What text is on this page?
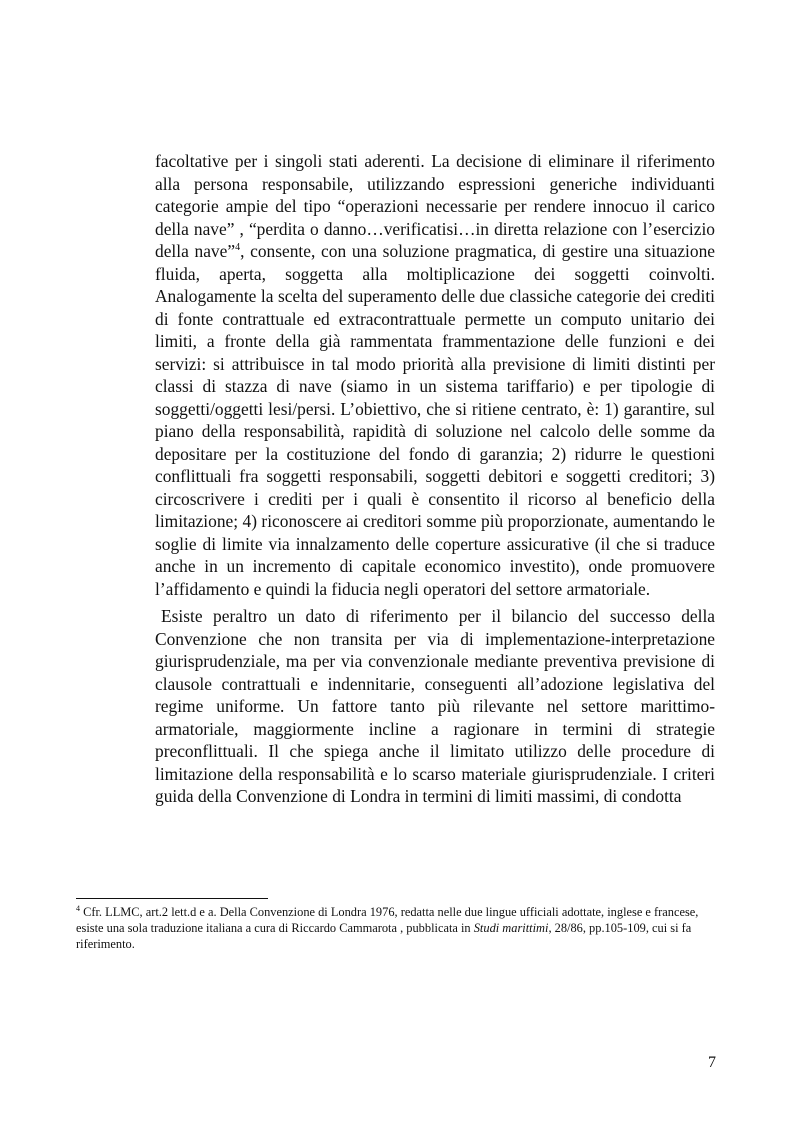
facoltative per i singoli stati aderenti. La decisione di eliminare il riferimento alla persona responsabile, utilizzando espressioni generiche individuanti categorie ampie del tipo “operazioni necessarie per rendere innocuo il carico della nave” , “perdita o danno…verificatisi…in diretta relazione con l’esercizio della nave”$^4$, consente, con una soluzione pragmatica, di gestire una situazione fluida, aperta, soggetta alla moltiplicazione dei soggetti coinvolti. Analogamente la scelta del superamento delle due classiche categorie dei crediti di fonte contrattuale ed extracontrattuale permette un computo unitario dei limiti, a fronte della già rammentata frammentazione delle funzioni e dei servizi: si attribuisce in tal modo priorità alla previsione di limiti distinti per classi di stazza di nave (siamo in un sistema tariffario) e per tipologie di soggetti/oggetti lesi/persi. L’obiettivo, che si ritiene centrato, è: 1) garantire, sul piano della responsabilità, rapidità di soluzione nel calcolo delle somme da depositare per la costituzione del fondo di garanzia; 2) ridurre le questioni conflittuali fra soggetti responsabili, soggetti debitori e soggetti creditori; 3) circoscrivere i crediti per i quali è consentito il ricorso al beneficio della limitazione; 4) riconoscere ai creditori somme più proporzionate, aumentando le soglie di limite via innalzamento delle coperture assicurative (il che si traduce anche in un incremento di capitale economico investito), onde promuovere l’affidamento e quindi la fiducia negli operatori del settore armatoriale.

Esiste peraltro un dato di riferimento per il bilancio del successo della Convenzione che non transita per via di implementazione-interpretazione giurisprudenziale, ma per via convenzionale mediante preventiva previsione di clausole contrattuali e indennitarie, conseguenti all’adozione legislativa del regime uniforme. Un fattore tanto più rilevante nel settore marittimo-armatoriale, maggiormente incline a ragionare in termini di strategie preconflittuali. Il che spiega anche il limitato utilizzo delle procedure di limitazione della responsabilità e lo scarso materiale giurisprudenziale. I criteri guida della Convenzione di Londra in termini di limiti massimi, di condotta

$^4$ Cfr. LLMC, art.2 lett.d e a. Della Convenzione di Londra 1976, redatta nelle due lingue ufficiali adottate, inglese e francese, esiste una sola traduzione italiana a cura di Riccardo Cammarota , pubblicata in Studi marittimi, 28/86, pp.105-109, cui si fa riferimento.
7
